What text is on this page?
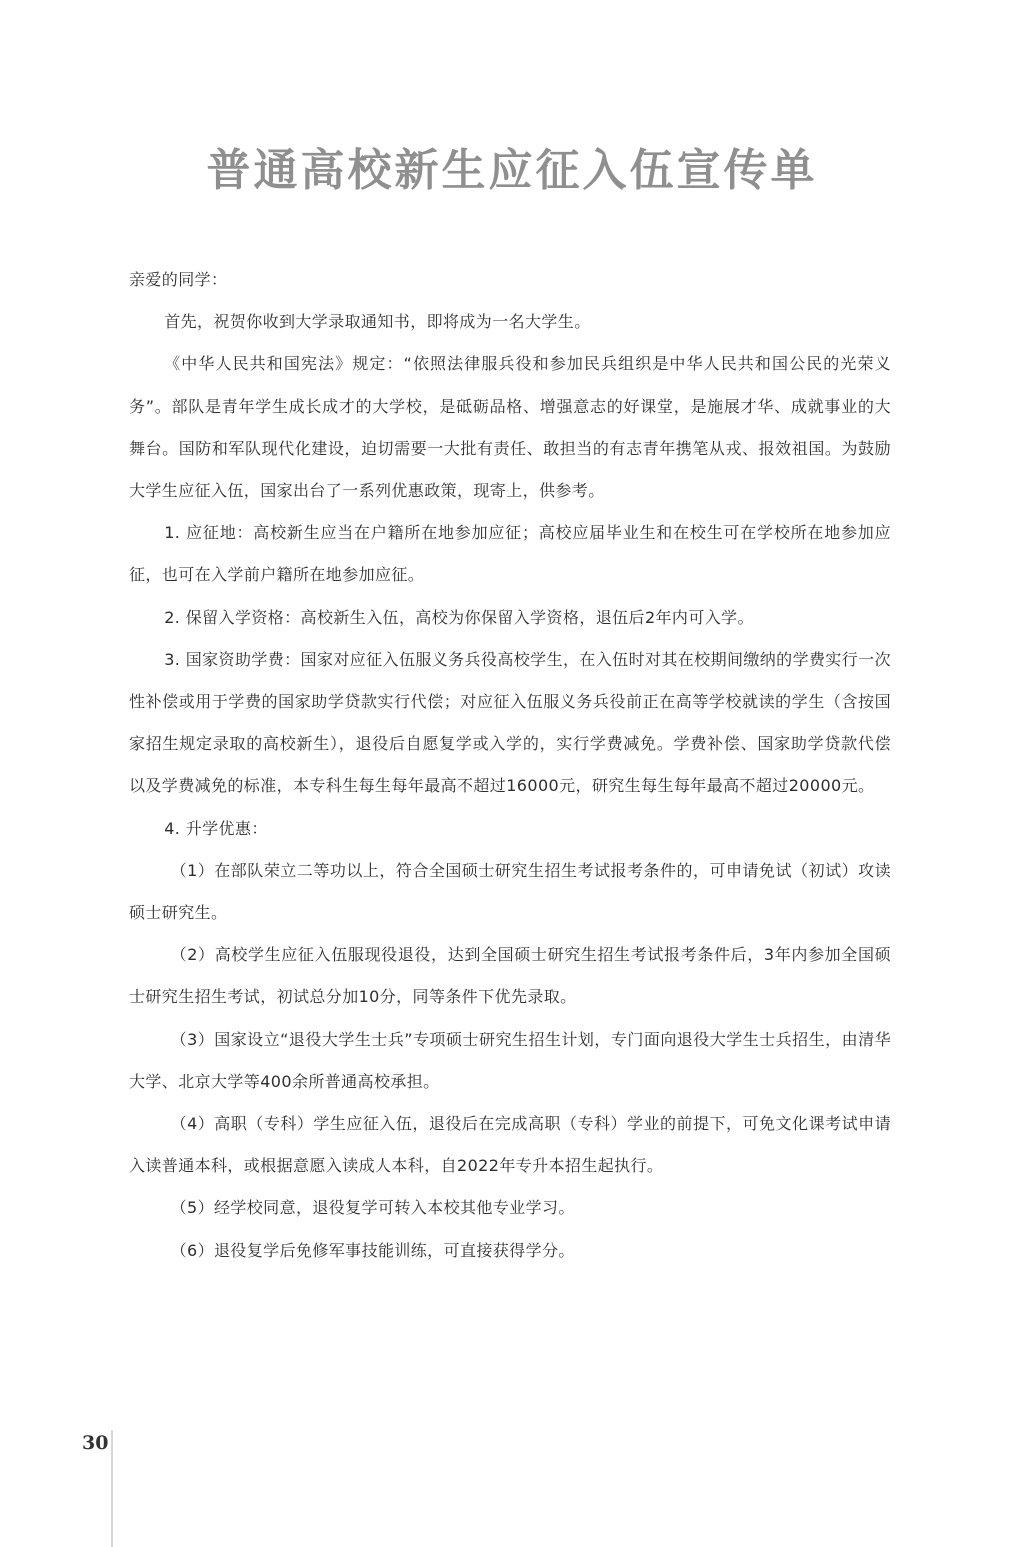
普通高校新生应征入伍宣传单

亲爱的同学：

首先，祝贺你收到大学录取通知书，即将成为一名大学生。

《中华人民共和国宪法》规定：“依照法律服兵役和参加民兵组织是中华人民共和国公民的光荣义务”。部队是青年学生成长成才的大学校，是砥砺品格、增强意志的好课堂，是施展才华、成就事业的大舞台。国防和军队现代化建设，迫切需要一大批有责任、敢担当的有志青年携笔从戎、报效祖国。为鼓励大学生应征入伍，国家出台了一系列优惠政策，现寄上，供参考。

1. 应征地：高校新生应当在户籍所在地参加应征；高校应届毕业生和在校生可在学校所在地参加应征，也可在入学前户籍所在地参加应征。

2. 保留入学资格：高校新生入伍，高校为你保留入学资格，退伍后2年内可入学。

3. 国家资助学费：国家对应征入伍服义务兵役高校学生，在入伍时对其在校期间缴纳的学费实行一次性补偿或用于学费的国家助学贷款实行代偿；对应征入伍服义务兵役前正在高等学校就读的学生（含按国家招生规定录取的高校新生），退役后自愿复学或入学的，实行学费减免。学费补偿、国家助学贷款代偿以及学费减免的标准，本专科生每生每年最高不超过16000元，研究生每生每年最高不超过20000元。

4. 升学优惠：

（1）在部队荣立二等功以上，符合全国硕士研究生招生考试报考条件的，可申请免试（初试）攻读硕士研究生。

（2）高校学生应征入伍服现役退役，达到全国硕士研究生招生考试报考条件后，3年内参加全国硕士研究生招生考试，初试总分加10分，同等条件下优先录取。

（3）国家设立“退役大学生士兵”专项硕士研究生招生计划，专门面向退役大学生士兵招生，由清华大学、北京大学等400余所普通高校承担。

（4）高职（专科）学生应征入伍，退役后在完成高职（专科）学业的前提下，可免文化课考试申请入读普通本科，或根据意愿入读成人本科，自2022年专升本招生起执行。

（5）经学校同意，退役复学可转入本校其他专业学习。

（6）退役复学后免修军事技能训练，可直接获得学分。

30
